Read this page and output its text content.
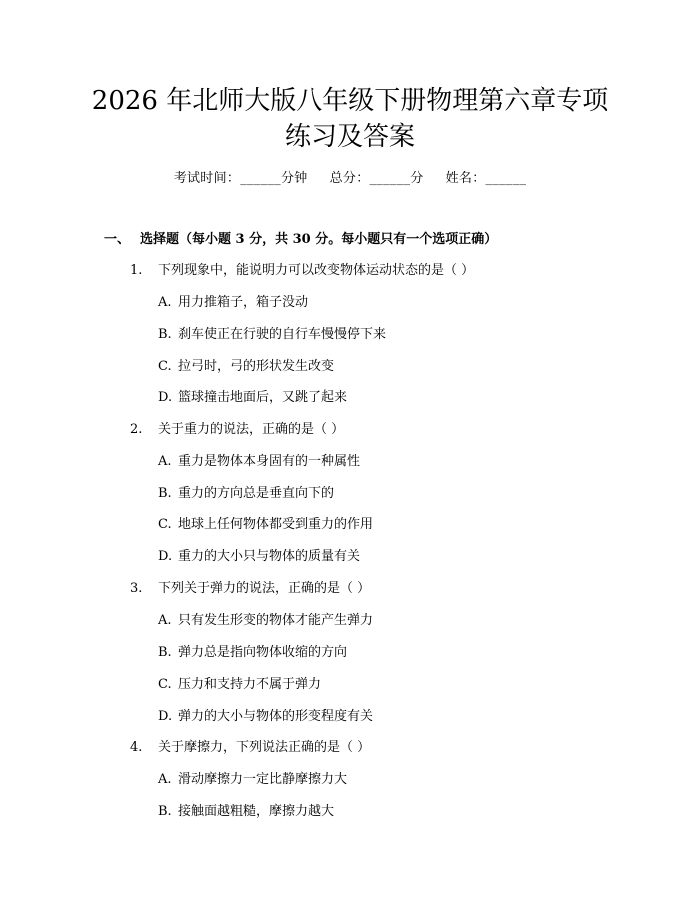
2026 年北师大版八年级下册物理第六章专项
练习及答案
考试时间：______分钟 总分：______分 姓名：______
一、 选择题（每小题 3 分，共 30 分。每小题只有一个选项正确）
1. 下列现象中，能说明力可以改变物体运动状态的是（ ）
A. 用力推箱子，箱子没动
B. 刹车使正在行驶的自行车慢慢停下来
C. 拉弓时，弓的形状发生改变
D. 篮球撞击地面后，又跳了起来
2. 关于重力的说法，正确的是（ ）
A. 重力是物体本身固有的一种属性
B. 重力的方向总是垂直向下的
C. 地球上任何物体都受到重力的作用
D. 重力的大小只与物体的质量有关
3. 下列关于弹力的说法，正确的是（ ）
A. 只有发生形变的物体才能产生弹力
B. 弹力总是指向物体收缩的方向
C. 压力和支持力不属于弹力
D. 弹力的大小与物体的形变程度有关
4. 关于摩擦力，下列说法正确的是（ ）
A. 滑动摩擦力一定比静摩擦力大
B. 接触面越粗糙，摩擦力越大
